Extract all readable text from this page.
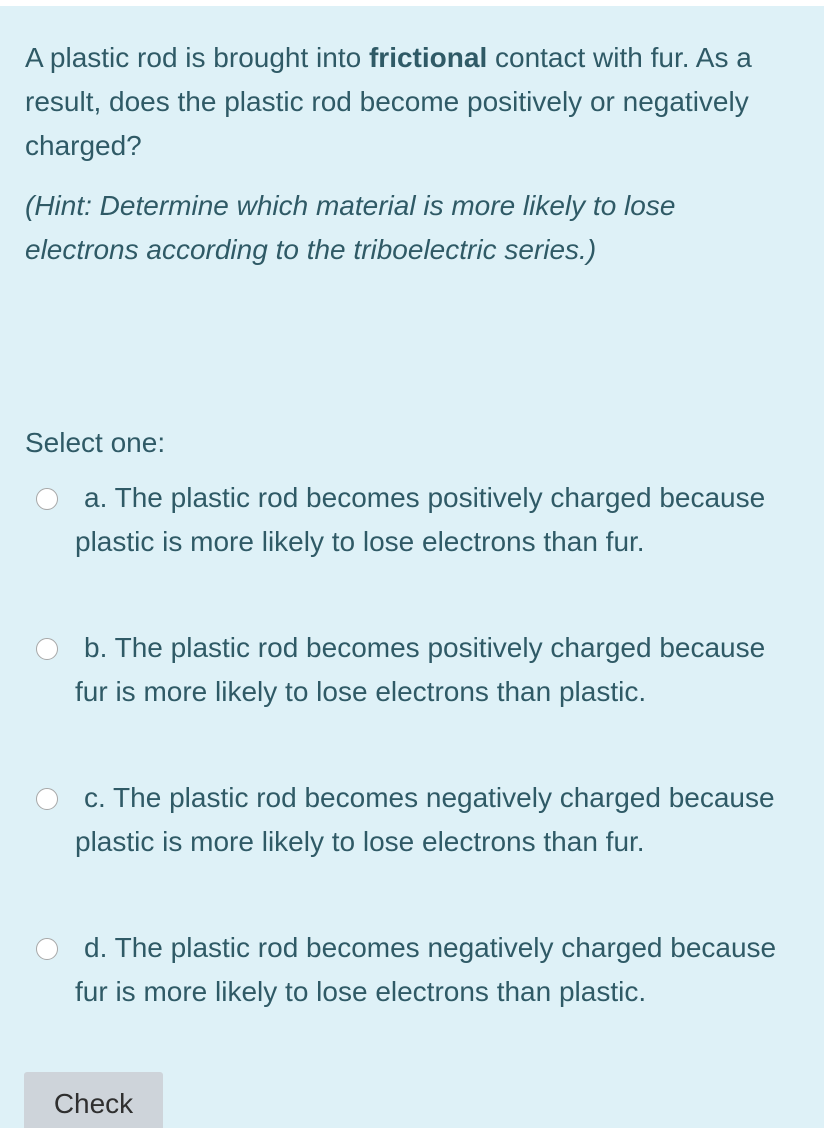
A plastic rod is brought into frictional contact with fur. As a result, does the plastic rod become positively or negatively charged?

(Hint: Determine which material is more likely to lose electrons according to the triboelectric series.)

Select one:
a. The plastic rod becomes positively charged because plastic is more likely to lose electrons than fur.
b. The plastic rod becomes positively charged because fur is more likely to lose electrons than plastic.
c. The plastic rod becomes negatively charged because plastic is more likely to lose electrons than fur.
d. The plastic rod becomes negatively charged because fur is more likely to lose electrons than plastic.
Check
